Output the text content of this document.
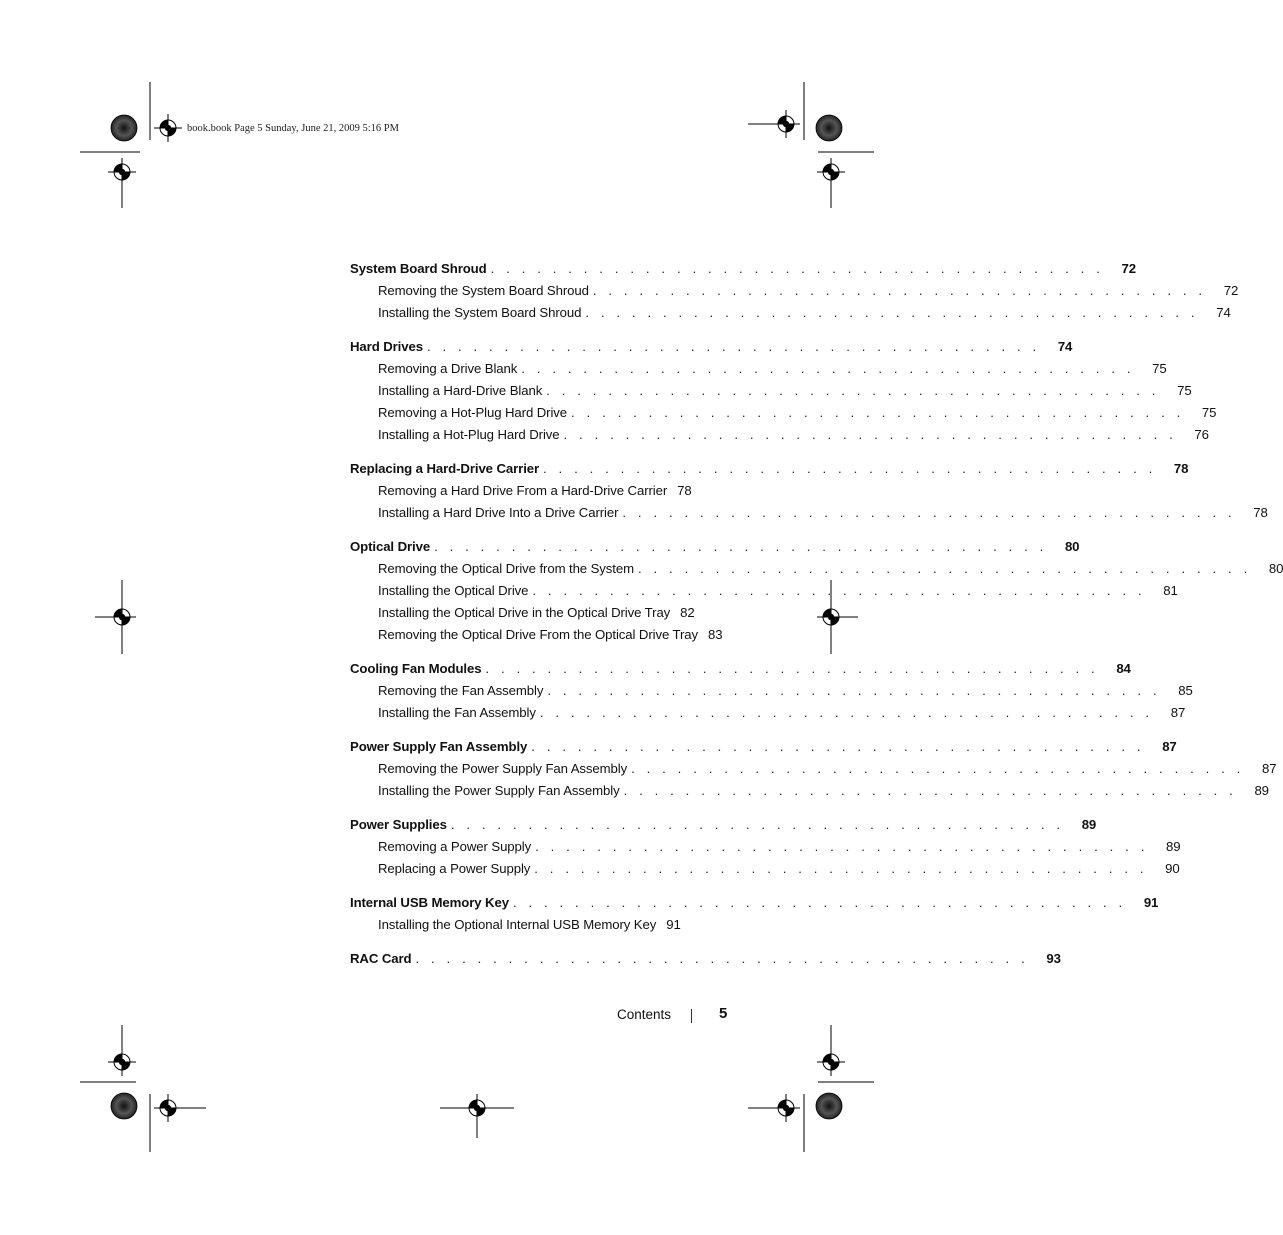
book.book Page 5 Sunday, June 21, 2009 5:16 PM
System Board Shroud . . . . . . . . . . . . . . . . . . . . . . . . . . . . . . . . . . . . . . . .	72
Removing the System Board Shroud . . . . . . . . . . . . . . . . . . . . . . . . . . . . . . . . . . . . . . . .	72
Installing the System Board Shroud . . . . . . . . . . . . . . . . . . . . . . . . . . . . . . . . . . . . . . . .	74
Hard Drives . . . . . . . . . . . . . . . . . . . . . . . . . . . . . . . . . . . . . . . .	74
Removing a Drive Blank . . . . . . . . . . . . . . . . . . . . . . . . . . . . . . . . . . . . . . . .	75
Installing a Hard-Drive Blank . . . . . . . . . . . . . . . . . . . . . . . . . . . . . . . . . . . . . . . .	75
Removing a Hot-Plug Hard Drive . . . . . . . . . . . . . . . . . . . . . . . . . . . . . . . . . . . . . . . .	75
Installing a Hot-Plug Hard Drive . . . . . . . . . . . . . . . . . . . . . . . . . . . . . . . . . . . . . . . .	76
Replacing a Hard-Drive Carrier . . . . . . . . . . . . . . . . . . . . . . . . . . . . . . . . . . . . . . . .	78
Removing a Hard Drive From a Hard-Drive Carrier 78
Installing a Hard Drive Into a Drive Carrier . . . . . . . . . . . . . . . . . . . . . . . . . . . . . . . . . . . . . . . .	78
Optical Drive . . . . . . . . . . . . . . . . . . . . . . . . . . . . . . . . . . . . . . . .	80
Removing the Optical Drive from the System . . . . . . . . . . . . . . . . . . . . . . . . . . . . . . . . . . . . . . . .	80
Installing the Optical Drive . . . . . . . . . . . . . . . . . . . . . . . . . . . . . . . . . . . . . . . .	81
Installing the Optical Drive in the Optical Drive Tray 82
Removing the Optical Drive From the Optical Drive Tray 83
Cooling Fan Modules . . . . . . . . . . . . . . . . . . . . . . . . . . . . . . . . . . . . . . . .	84
Removing the Fan Assembly . . . . . . . . . . . . . . . . . . . . . . . . . . . . . . . . . . . . . . . .	85
Installing the Fan Assembly . . . . . . . . . . . . . . . . . . . . . . . . . . . . . . . . . . . . . . . .	87
Power Supply Fan Assembly . . . . . . . . . . . . . . . . . . . . . . . . . . . . . . . . . . . . . . . .	87
Removing the Power Supply Fan Assembly . . . . . . . . . . . . . . . . . . . . . . . . . . . . . . . . . . . . . . . .	87
Installing the Power Supply Fan Assembly . . . . . . . . . . . . . . . . . . . . . . . . . . . . . . . . . . . . . . . .	89
Power Supplies . . . . . . . . . . . . . . . . . . . . . . . . . . . . . . . . . . . . . . . .	89
Removing a Power Supply . . . . . . . . . . . . . . . . . . . . . . . . . . . . . . . . . . . . . . . .	89
Replacing a Power Supply . . . . . . . . . . . . . . . . . . . . . . . . . . . . . . . . . . . . . . . .	90
Internal USB Memory Key . . . . . . . . . . . . . . . . . . . . . . . . . . . . . . . . . . . . . . . .	91
Installing the Optional Internal USB Memory Key 91
RAC Card . . . . . . . . . . . . . . . . . . . . . . . . . . . . . . . . . . . . . . . .	93
Contents	5
